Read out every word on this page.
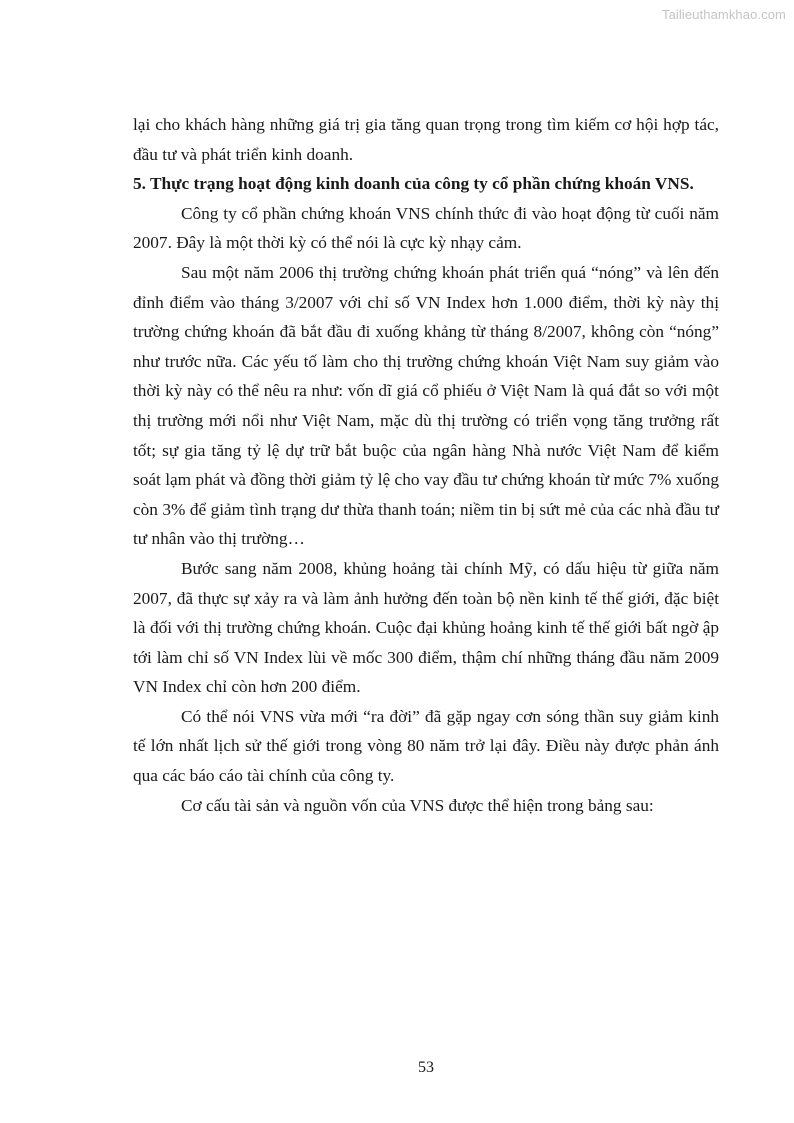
Tailieuthamkhao.com

lại cho khách hàng những giá trị gia tăng quan trọng trong tìm kiếm cơ hội hợp tác, đầu tư và phát triển kinh doanh.

5. Thực trạng hoạt động kinh doanh của công ty cổ phần chứng khoán VNS.

Công ty cổ phần chứng khoán VNS chính thức đi vào hoạt động từ cuối năm 2007. Đây là một thời kỳ có thể nói là cực kỳ nhạy cảm.

Sau một năm 2006 thị trường chứng khoán phát triển quá “nóng” và lên đến đỉnh điểm vào tháng 3/2007 với chỉ số VN Index hơn 1.000 điểm, thời kỳ này thị trường chứng khoán đã bắt đầu đi xuống khảng từ tháng 8/2007, không còn “nóng” như trước nữa. Các yếu tố làm cho thị trường chứng khoán Việt Nam suy giảm vào thời kỳ này có thể nêu ra như: vốn dĩ giá cổ phiếu ở Việt Nam là quá đắt so với một thị trường mới nổi như Việt Nam, mặc dù thị trường có triển vọng tăng trưởng rất tốt; sự gia tăng tỷ lệ dự trữ bắt buộc của ngân hàng Nhà nước Việt Nam để kiểm soát lạm phát và đồng thời giảm tỷ lệ cho vay đầu tư chứng khoán từ mức 7% xuống còn 3% để giảm tình trạng dư thừa thanh toán; niềm tin bị sứt mẻ của các nhà đầu tư tư nhân vào thị trường…

Bước sang năm 2008, khủng hoảng tài chính Mỹ, có dấu hiệu từ giữa năm 2007, đã thực sự xảy ra và làm ảnh hưởng đến toàn bộ nền kinh tế thế giới, đặc biệt là đối với thị trường chứng khoán. Cuộc đại khủng hoảng kinh tế thế giới bất ngờ ập tới làm chỉ số VN Index lùi về mốc 300 điểm, thậm chí những tháng đầu năm 2009 VN Index chỉ còn hơn 200 điểm.

Có thể nói VNS vừa mới “ra đời” đã gặp ngay cơn sóng thần suy giảm kinh tế lớn nhất lịch sử thế giới trong vòng 80 năm trở lại đây. Điều này được phản ánh qua các báo cáo tài chính của công ty.

Cơ cấu tài sản và nguồn vốn của VNS được thể hiện trong bảng sau:

53
